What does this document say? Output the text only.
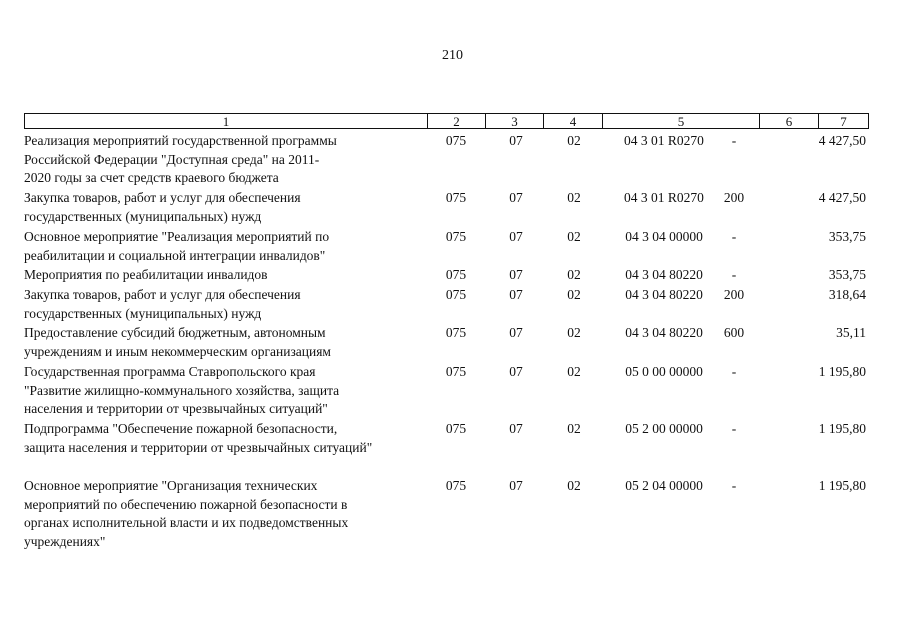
210
1	2	3	4	5	6	7
Реализация мероприятий государственной программы
Российской Федерации "Доступная среда" на 2011-
2020 годы за счет средств краевого бюджета
075	07	02	04 3 01 R0270	-	4 427,50
Закупка товаров, работ и услуг для обеспечения
государственных (муниципальных) нужд
075	07	02	04 3 01 R0270	200	4 427,50
Основное мероприятие "Реализация мероприятий по
реабилитации и социальной интеграции инвалидов"
075	07	02	04 3 04 00000	-	353,75
Мероприятия по реабилитации инвалидов	075	07	02	04 3 04 80220	-	353,75
Закупка товаров, работ и услуг для обеспечения
государственных (муниципальных) нужд
075	07	02	04 3 04 80220	200	318,64
Предоставление субсидий бюджетным, автономным
учреждениям и иным некоммерческим организациям
075	07	02	04 3 04 80220	600	35,11
Государственная программа Ставропольского края
"Развитие жилищно-коммунального хозяйства, защита
населения и территории от чрезвычайных ситуаций"
075	07	02	05 0 00 00000	-	1 195,80
Подпрограмма "Обеспечение пожарной безопасности,
защита населения и территории от чрезвычайных ситуаций"
075	07	02	05 2 00 00000	-	1 195,80
Основное мероприятие "Организация технических
мероприятий по обеспечению пожарной безопасности в
органах исполнительной власти и их подведомственных
учреждениях"
075	07	02	05 2 04 00000	-	1 195,80
